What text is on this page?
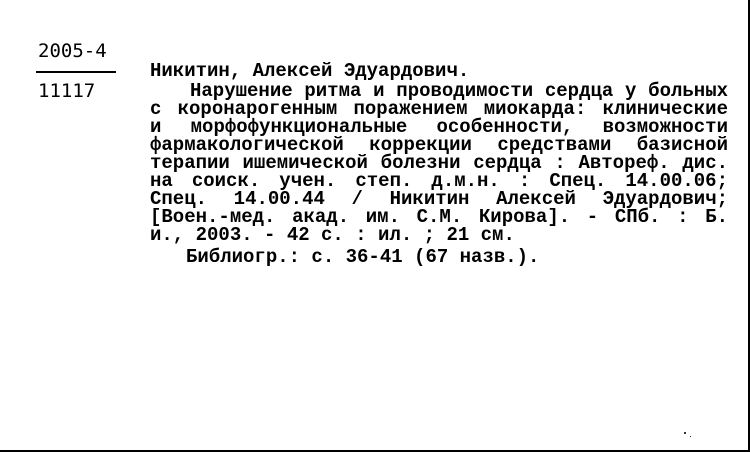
2005-4
11117
Никитин, Алексей Эдуардович.
Нарушение ритма и проводимости сердца у больных с коронарогенным поражением миокарда: клинические и морфофункциональные особенности, возможности фармакологической коррекции средствами базисной терапии ишемической болезни сердца : Автореф. дис. на соиск. учен. степ. д.м.н. : Спец. 14.00.06; Спец. 14.00.44 / Никитин Алексей Эдуардович; [Воен.-мед. акад. им. С.М. Кирова]. - СПб. : Б. и., 2003. - 42 с. : ил. ; 21 см.
Библиогр.: с. 36-41 (67 назв.).
